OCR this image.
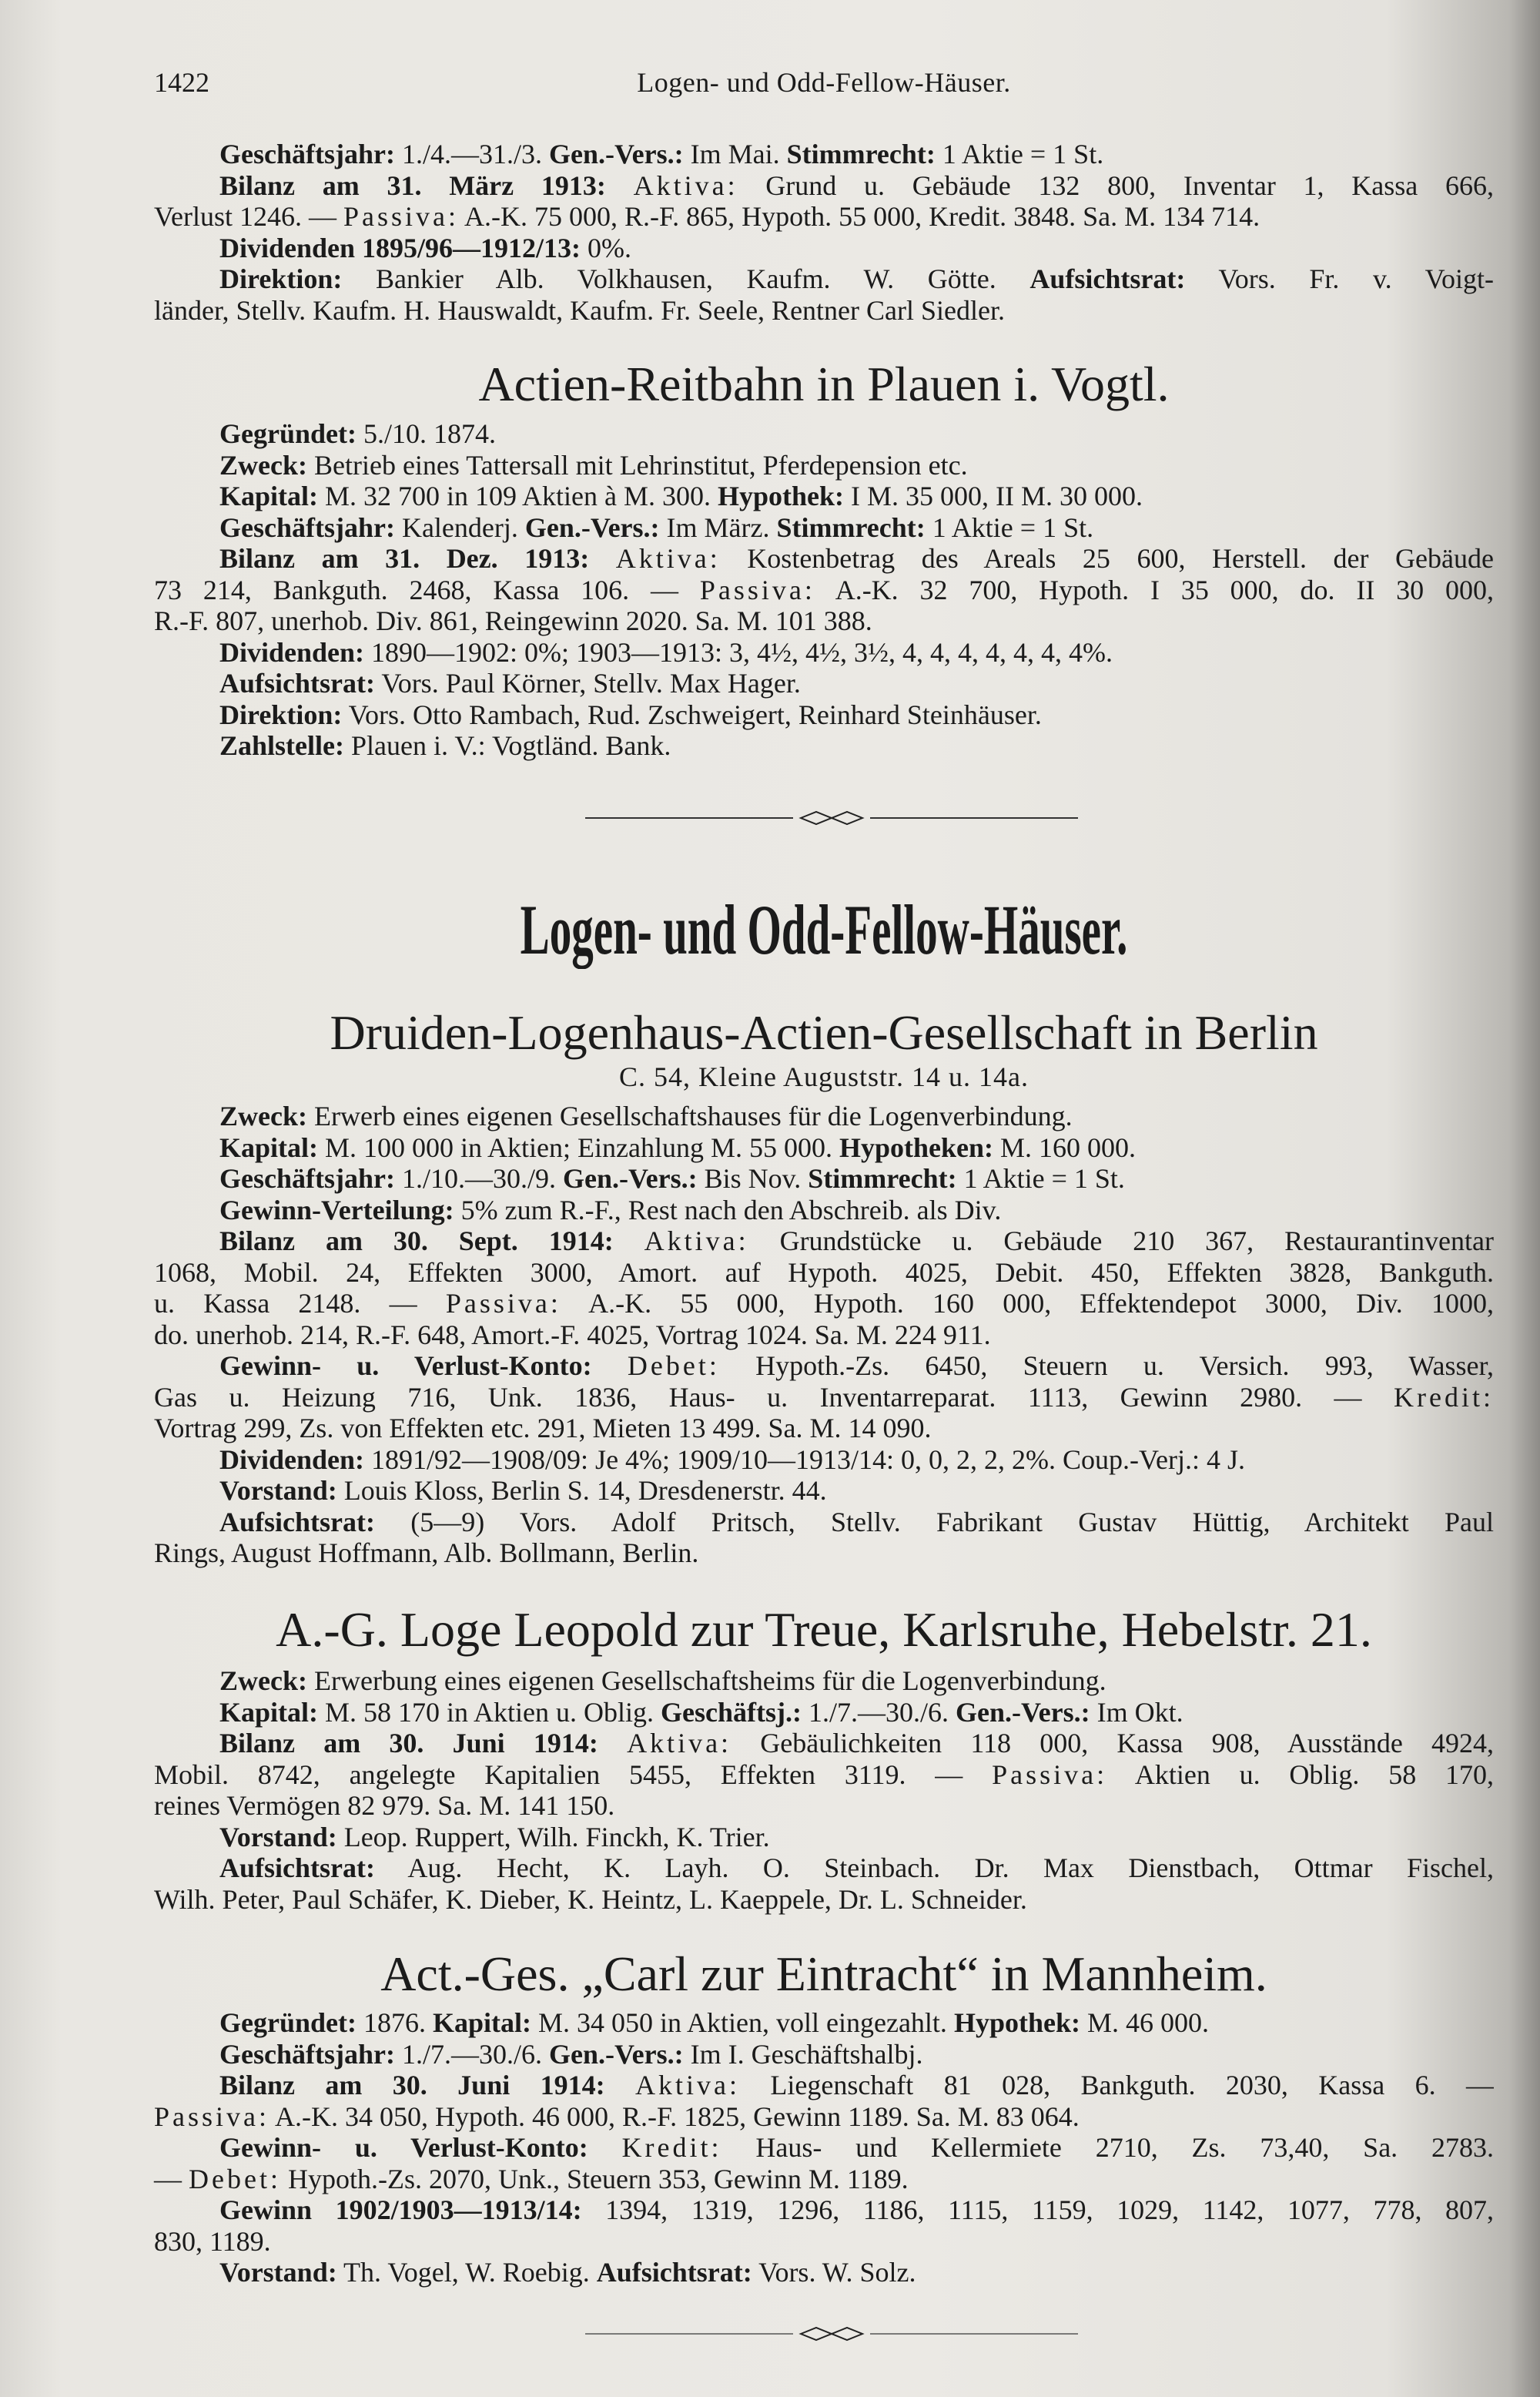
1422	Logen- und Odd-Fellow-Häuser.
Geschäftsjahr: 1./4.—31./3. Gen.-Vers.: Im Mai. Stimmrecht: 1 Aktie = 1 St.
Bilanz am 31. März 1913: Aktiva: Grund u. Gebäude 132 800, Inventar 1, Kassa 666,
Verlust 1246. — Passiva: A.-K. 75 000, R.-F. 865, Hypoth. 55 000, Kredit. 3848. Sa. M. 134 714.
Dividenden 1895/96—1912/13: 0%.
Direktion: Bankier Alb. Volkhausen, Kaufm. W. Götte. Aufsichtsrat: Vors. Fr. v. Voigt-
länder, Stellv. Kaufm. H. Hauswaldt, Kaufm. Fr. Seele, Rentner Carl Siedler.
Actien-Reitbahn in Plauen i. Vogtl.
Gegründet: 5./10. 1874.
Zweck: Betrieb eines Tattersall mit Lehrinstitut, Pferdepension etc.
Kapital: M. 32 700 in 109 Aktien à M. 300. Hypothek: I M. 35 000, II M. 30 000.
Geschäftsjahr: Kalenderj. Gen.-Vers.: Im März. Stimmrecht: 1 Aktie = 1 St.
Bilanz am 31. Dez. 1913: Aktiva: Kostenbetrag des Areals 25 600, Herstell. der Gebäude
73 214, Bankguth. 2468, Kassa 106. — Passiva: A.-K. 32 700, Hypoth. I 35 000, do. II 30 000,
R.-F. 807, unerhob. Div. 861, Reingewinn 2020. Sa. M. 101 388.
Dividenden: 1890—1902: 0%; 1903—1913: 3, 4½, 4½, 3½, 4, 4, 4, 4, 4, 4, 4%.
Aufsichtsrat: Vors. Paul Körner, Stellv. Max Hager.
Direktion: Vors. Otto Rambach, Rud. Zschweigert, Reinhard Steinhäuser.
Zahlstelle: Plauen i. V.: Vogtländ. Bank.
Logen- und Odd-Fellow-Häuser.
Druiden-Logenhaus-Actien-Gesellschaft in Berlin
C. 54, Kleine Auguststr. 14 u. 14a.
Zweck: Erwerb eines eigenen Gesellschaftshauses für die Logenverbindung.
Kapital: M. 100 000 in Aktien; Einzahlung M. 55 000. Hypotheken: M. 160 000.
Geschäftsjahr: 1./10.—30./9. Gen.-Vers.: Bis Nov. Stimmrecht: 1 Aktie = 1 St.
Gewinn-Verteilung: 5% zum R.-F., Rest nach den Abschreib. als Div.
Bilanz am 30. Sept. 1914: Aktiva: Grundstücke u. Gebäude 210 367, Restaurantinventar
1068, Mobil. 24, Effekten 3000, Amort. auf Hypoth. 4025, Debit. 450, Effekten 3828, Bankguth.
u. Kassa 2148. — Passiva: A.-K. 55 000, Hypoth. 160 000, Effektendepot 3000, Div. 1000,
do. unerhob. 214, R.-F. 648, Amort.-F. 4025, Vortrag 1024. Sa. M. 224 911.
Gewinn- u. Verlust-Konto: Debet: Hypoth.-Zs. 6450, Steuern u. Versich. 993, Wasser,
Gas u. Heizung 716, Unk. 1836, Haus- u. Inventarreparat. 1113, Gewinn 2980. — Kredit:
Vortrag 299, Zs. von Effekten etc. 291, Mieten 13 499. Sa. M. 14 090.
Dividenden: 1891/92—1908/09: Je 4%; 1909/10—1913/14: 0, 0, 2, 2, 2%. Coup.-Verj.: 4 J.
Vorstand: Louis Kloss, Berlin S. 14, Dresdenerstr. 44.
Aufsichtsrat: (5—9) Vors. Adolf Pritsch, Stellv. Fabrikant Gustav Hüttig, Architekt Paul
Rings, August Hoffmann, Alb. Bollmann, Berlin.
A.-G. Loge Leopold zur Treue, Karlsruhe, Hebelstr. 21.
Zweck: Erwerbung eines eigenen Gesellschaftsheims für die Logenverbindung.
Kapital: M. 58 170 in Aktien u. Oblig. Geschäftsj.: 1./7.—30./6. Gen.-Vers.: Im Okt.
Bilanz am 30. Juni 1914: Aktiva: Gebäulichkeiten 118 000, Kassa 908, Ausstände 4924,
Mobil. 8742, angelegte Kapitalien 5455, Effekten 3119. — Passiva: Aktien u. Oblig. 58 170,
reines Vermögen 82 979. Sa. M. 141 150.
Vorstand: Leop. Ruppert, Wilh. Finckh, K. Trier.
Aufsichtsrat: Aug. Hecht, K. Layh. O. Steinbach. Dr. Max Dienstbach, Ottmar Fischel,
Wilh. Peter, Paul Schäfer, K. Dieber, K. Heintz, L. Kaeppele, Dr. L. Schneider.
Act.-Ges. „Carl zur Eintracht“ in Mannheim.
Gegründet: 1876. Kapital: M. 34 050 in Aktien, voll eingezahlt. Hypothek: M. 46 000.
Geschäftsjahr: 1./7.—30./6. Gen.-Vers.: Im I. Geschäftshalbj.
Bilanz am 30. Juni 1914: Aktiva: Liegenschaft 81 028, Bankguth. 2030, Kassa 6. —
Passiva: A.-K. 34 050, Hypoth. 46 000, R.-F. 1825, Gewinn 1189. Sa. M. 83 064.
Gewinn- u. Verlust-Konto: Kredit: Haus- und Kellermiete 2710, Zs. 73,40, Sa. 2783.
— Debet: Hypoth.-Zs. 2070, Unk., Steuern 353, Gewinn M. 1189.
Gewinn 1902/1903—1913/14: 1394, 1319, 1296, 1186, 1115, 1159, 1029, 1142, 1077, 778, 807,
830, 1189.
Vorstand: Th. Vogel, W. Roebig. Aufsichtsrat: Vors. W. Solz.
